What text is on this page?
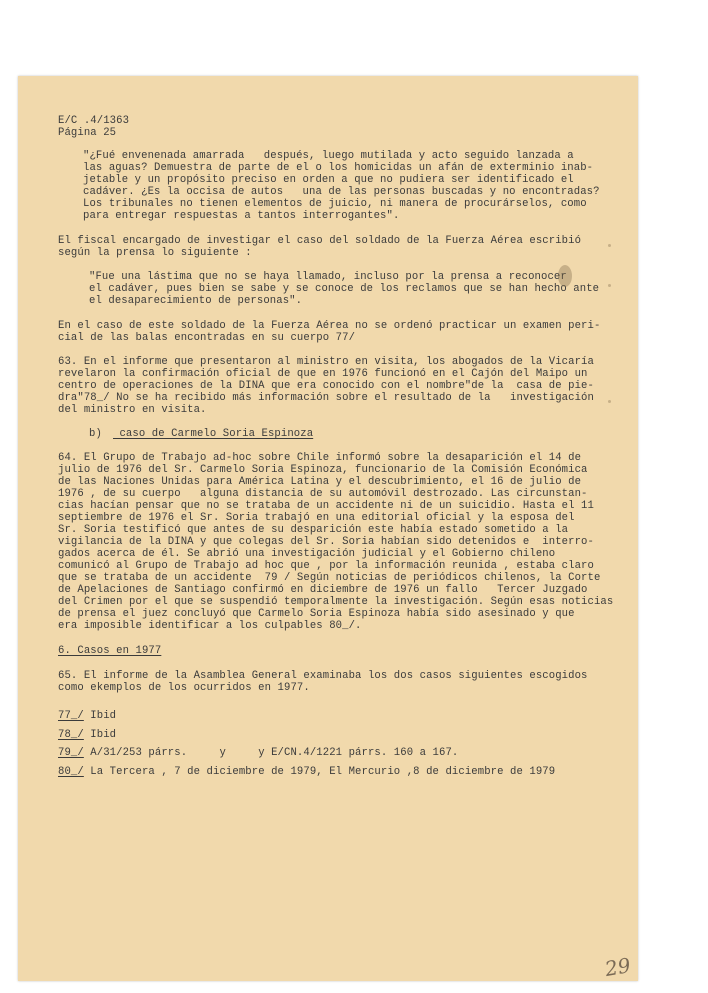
E/C .4/1363
Página 25
"¿Fué envenenada amarrada   después, luego mutilada y acto seguido lanzada a
las aguas? Demuestra de parte de el o los homicidas un afán de exterminio inab-
jetable y un propósito preciso en orden a que no pudiera ser identificado el
cadáver. ¿Es la occisa de autos   una de las personas buscadas y no encontradas?
Los tribunales no tienen elementos de juicio, ni manera de procurárselos, como
para entregar respuestas a tantos interrogantes".
El fiscal encargado de investigar el caso del soldado de la Fuerza Aérea escribió
según la prensa lo siguiente :
"Fue una lástima que no se haya llamado, incluso por la prensa a reconocer
el cadáver, pues bien se sabe y se conoce de los reclamos que se han hecho ante
el desaparecimiento de personas".
En el caso de este soldado de la Fuerza Aérea no se ordenó practicar un examen peri-
cial de las balas encontradas en su cuerpo 77/
63. En el informe que presentaron al ministro en visita, los abogados de la Vicaría
revelaron la confirmación oficial de que en 1976 funcionó en el Cajón del Maipo un
centro de operaciones de la DINA que era conocido con el nombre"de la  casa de pie-
dra"78_/ No se ha recibido más información sobre el resultado de la   investigación
del ministro en visita.
b) caso de Carmelo Soria Espinoza
64. El Grupo de Trabajo ad-hoc sobre Chile informó sobre la desaparición el 14 de
julio de 1976 del Sr. Carmelo Soria Espinoza, funcionario de la Comisión Económica
de las Naciones Unidas para América Latina y el descubrimiento, el 16 de julio de
1976 , de su cuerpo   alguna distancia de su automóvil destrozado. Las circunstan-
cias hacían pensar que no se trataba de un accidente ni de un suicidio. Hasta el 11
septiembre de 1976 el Sr. Soria trabajó en una editorial oficial y la esposa del
Sr. Soria testificó que antes de su desparición este había estado sometido a la
vigilancia de la DINA y que colegas del Sr. Soria habían sido detenidos e  interro-
gados acerca de él. Se abrió una investigación judicial y el Gobierno chileno
comunicó al Grupo de Trabajo ad hoc que , por la información reunida , estaba claro
que se trataba de un accidente  79 / Según noticias de periódicos chilenos, la Corte
de Apelaciones de Santiago confirmó en diciembre de 1976 un fallo   Tercer Juzgado
del Crimen por el que se suspendió temporalmente la investigación. Según esas noticias
de prensa el juez concluyó que Carmelo Soria Espinoza había sido asesinado y que
era imposible identificar a los culpables 80_/.
6. Casos en 1977
65. El informe de la Asamblea General examinaba los dos casos siguientes escogidos
como ekemplos de los ocurridos en 1977.
77_/ Ibid
78_/ Ibid
79_/ A/31/253 párrs.     y     y E/CN.4/1221 párrs. 160 a 167.
80_/ La Tercera , 7 de diciembre de 1979, El Mercurio ,8 de diciembre de 1979
29
